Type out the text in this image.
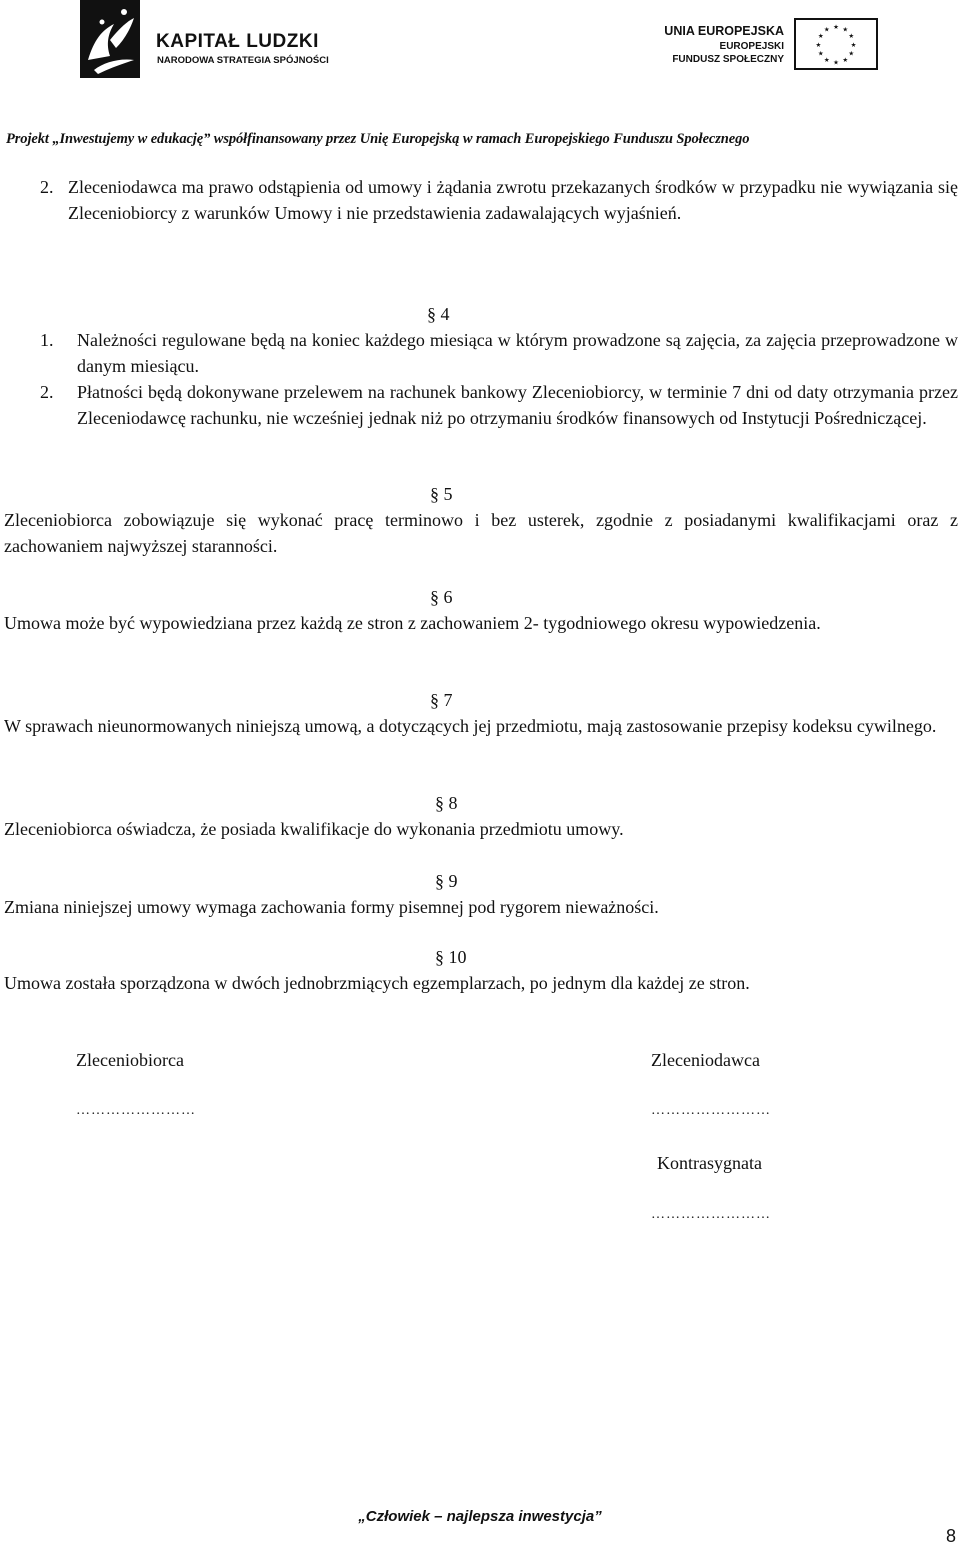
KAPITAŁ LUDZKI
NARODOWA STRATEGIA SPÓJNOŚCI
UNIA EUROPEJSKA
EUROPEJSKI
FUNDUSZ SPOŁECZNY
★ ★
★
★
★
★
★
★
★
★
★
★
Projekt „Inwestujemy w edukację” współfinansowany przez Unię Europejską w ramach Europejskiego Funduszu Społecznego
2. Zleceniodawca ma prawo odstąpienia od umowy i żądania zwrotu przekazanych środków w przypadku nie wywiązania się Zleceniobiorcy z warunków Umowy i nie przedstawienia zadawalających wyjaśnień.
§ 4
1. Należności regulowane będą na koniec każdego miesiąca w którym prowadzone są zajęcia, za zajęcia przeprowadzone w danym miesiącu.
2. Płatności będą dokonywane przelewem na rachunek bankowy Zleceniobiorcy, w terminie 7 dni od daty otrzymania przez Zleceniodawcę rachunku, nie wcześniej jednak niż po otrzymaniu środków finansowych od Instytucji Pośredniczącej.
§ 5
Zleceniobiorca zobowiązuje się wykonać pracę terminowo i bez usterek, zgodnie z posiadanymi kwalifikacjami oraz z zachowaniem najwyższej staranności.
§ 6
Umowa może być wypowiedziana przez każdą ze stron z zachowaniem 2- tygodniowego okresu wypowiedzenia.
§ 7
W sprawach nieunormowanych niniejszą umową, a dotyczących jej przedmiotu, mają zastosowanie przepisy kodeksu cywilnego.
§ 8
Zleceniobiorca oświadcza, że posiada kwalifikacje do wykonania przedmiotu umowy.
§ 9
Zmiana niniejszej umowy wymaga zachowania formy pisemnej pod rygorem nieważności.
§ 10
Umowa została sporządzona w dwóch jednobrzmiących egzemplarzach, po jednym dla każdej ze stron.
Zleceniobiorca	Zleceniodawca
……………………	……………………
Kontrasygnata
……………………
„Człowiek – najlepsza inwestycja”
8
